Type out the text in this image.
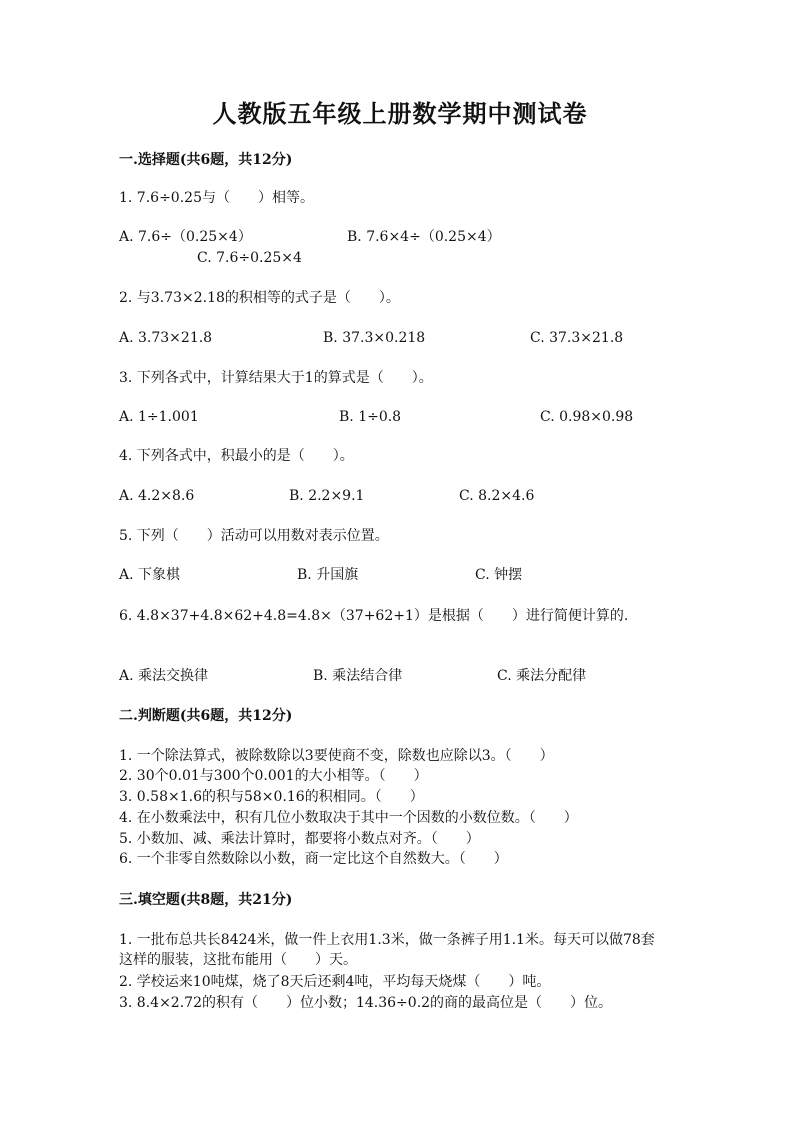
人教版五年级上册数学期中测试卷
一.选择题(共6题，共12分)
1. 7.6÷0.25与（　　）相等。
A. 7.6÷（0.25×4）	B. 7.6×4÷（0.25×4）
C. 7.6÷0.25×4
2. 与3.73×2.18的积相等的式子是（　　）。
A. 3.73×21.8	B. 37.3×0.218	C. 37.3×21.8
3. 下列各式中，计算结果大于1的算式是（　　）。
A. 1÷1.001	B. 1÷0.8	C. 0.98×0.98
4. 下列各式中，积最小的是（　　）。
A. 4.2×8.6	B. 2.2×9.1	C. 8.2×4.6
5. 下列（　　）活动可以用数对表示位置。
A. 下象棋	B. 升国旗	C. 钟摆
6. 4.8×37+4.8×62+4.8=4.8×（37+62+1）是根据（　　）进行简便计算的.
A. 乘法交换律	B. 乘法结合律	C. 乘法分配律
二.判断题(共6题，共12分)
1. 一个除法算式，被除数除以3要使商不变，除数也应除以3。（　　）
2. 30个0.01与300个0.001的大小相等。（　　）
3. 0.58×1.6的积与58×0.16的积相同。（　　）
4. 在小数乘法中，积有几位小数取决于其中一个因数的小数位数。（　　）
5. 小数加、减、乘法计算时，都要将小数点对齐。（　　）
6. 一个非零自然数除以小数，商一定比这个自然数大。（　　）
三.填空题(共8题，共21分)
1. 一批布总共长8424米，做一件上衣用1.3米，做一条裤子用1.1米。每天可以做78套这样的服装，这批布能用（　　）天。
2. 学校运来10吨煤，烧了8天后还剩4吨，平均每天烧煤（　　）吨。
3. 8.4×2.72的积有（　　）位小数；14.36÷0.2的商的最高位是（　　）位。
